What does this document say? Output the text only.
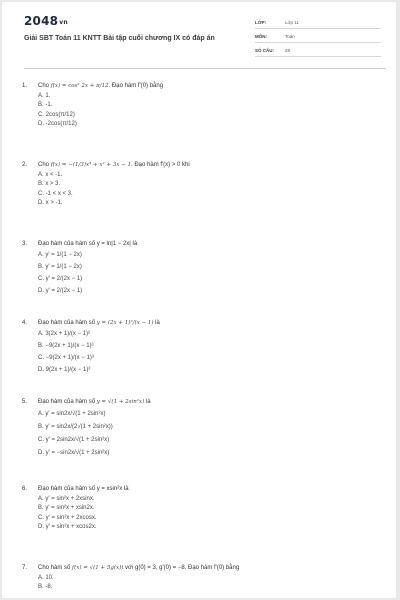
2048vn
Giải SBT Toán 11 KNTT Bài tập cuối chương IX có đáp án
LỚP:	Lớp 11
MÔN:	Toán
SỐ CÂU:	28
1. Cho f(x) = cos² 2x + π/12. Đạo hàm f'(0) bằng
A. 1.
B. -1.
C. 2cos(π/12)
D. -2cos(π/12)
2. Cho f(x) = −(1/3)x³ + x² + 3x − 1. Đạo hàm f'(x) > 0 khi
A. x < -1.
B. x > 3.
C. -1 < x < 3.
D. x > -1.
3. Đạo hàm của hàm số y = ln|1 − 2x| là
A. y' = 1/(1 − 2x)
B. y' = 1/(1 − 2x)
C. y' = 2/(2x − 1)
D. y' = 2/(2x − 1)
4. Đạo hàm của hàm số y = (2x + 1)²/(x − 1) là
A. 3(2x + 1)/(x − 1)²
B. −9(2x + 1)/(x − 1)³
C. −9(2x + 1)/(x − 1)³
D. 9(2x + 1)/(x − 1)²
5. Đạo hàm của hàm số y = √(1 + 2sin²x) là
A. y' = sin2x/√(1 + 2sin²x)
B. y' = sin2x/(2√(1 + 2sin²x))
C. y' = 2sin2x/√(1 + 2sin²x)
D. y' = −sin2x/√(1 + 2sin²x)
6. Đạo hàm của hàm số y = xsin²x là
A. y' = sin²x + 2xsinx.
B. y' = sin²x + xsin2x.
C. y' = sin²x + 2xcosx.
D. y' = sin²x + xcos2x.
7. Cho hàm số f(x) = √(1 + 5g(x)) với g(0) = 3, g'(0) = −8. Đạo hàm f'(0) bằng
A. 10.
B. -8.
